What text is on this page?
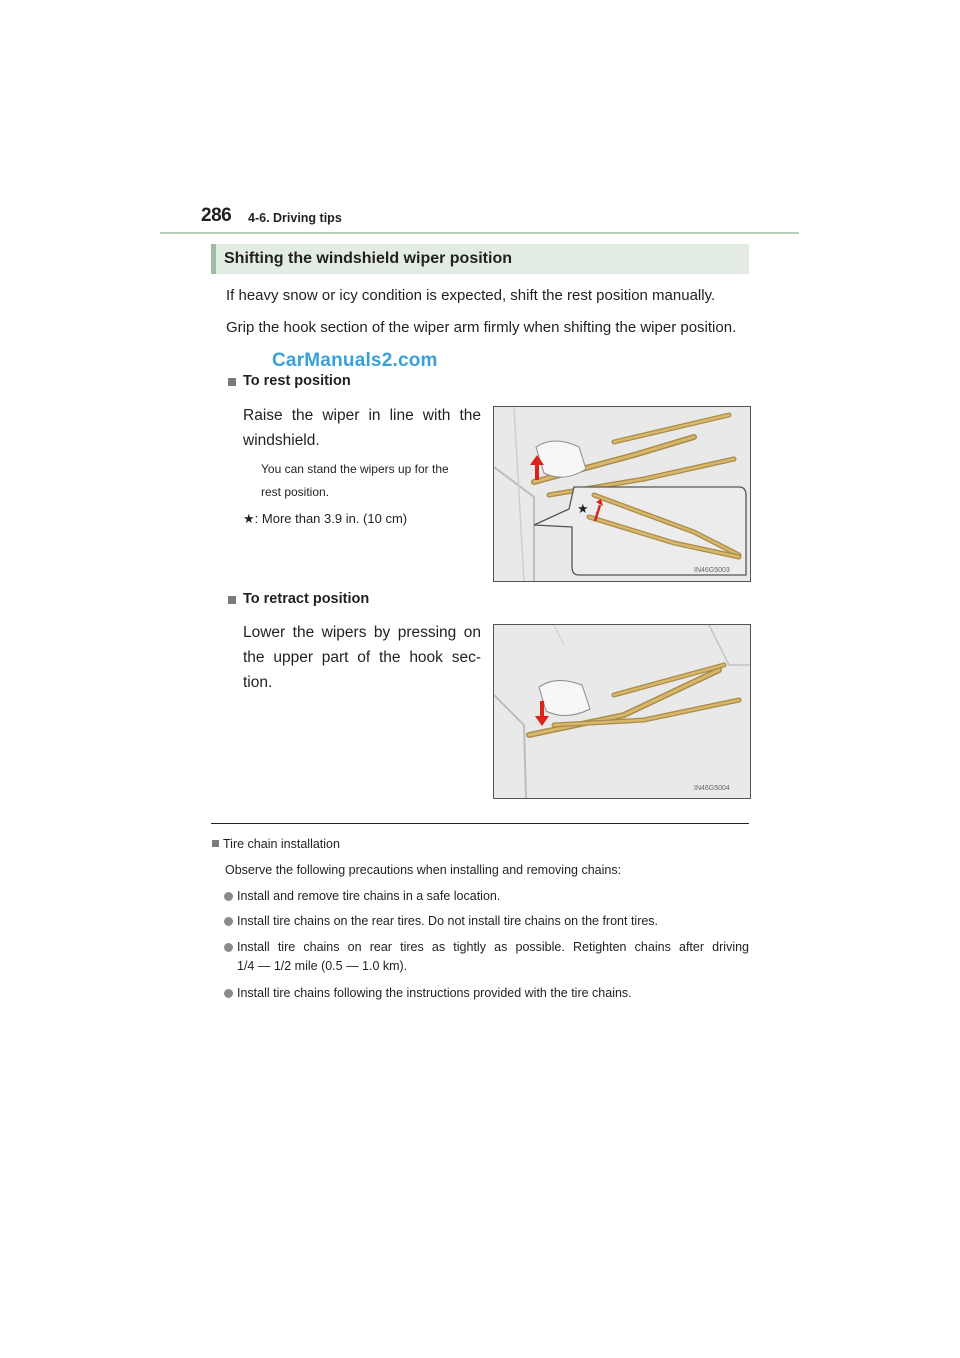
286 4-6. Driving tips
Shifting the windshield wiper position
If heavy snow or icy condition is expected, shift the rest position manually.
Grip the hook section of the wiper arm firmly when shifting the wiper position.
CarManuals2.com
To rest position
Raise the wiper in line with the
windshield.
You can stand the wipers up for the
rest position.
★: More than 3.9 in. (10 cm)
★
IN46G5003
To retract position
Lower the wipers by pressing on
the upper part of the hook sec-
tion.
IN46G5004
Tire chain installation
Observe the following precautions when installing and removing chains:
Install and remove tire chains in a safe location.
Install tire chains on the rear tires. Do not install tire chains on the front tires.
Install tire chains on rear tires as tightly as possible. Retighten chains after driving
1/4 — 1/2 mile (0.5 — 1.0 km).
Install tire chains following the instructions provided with the tire chains.
